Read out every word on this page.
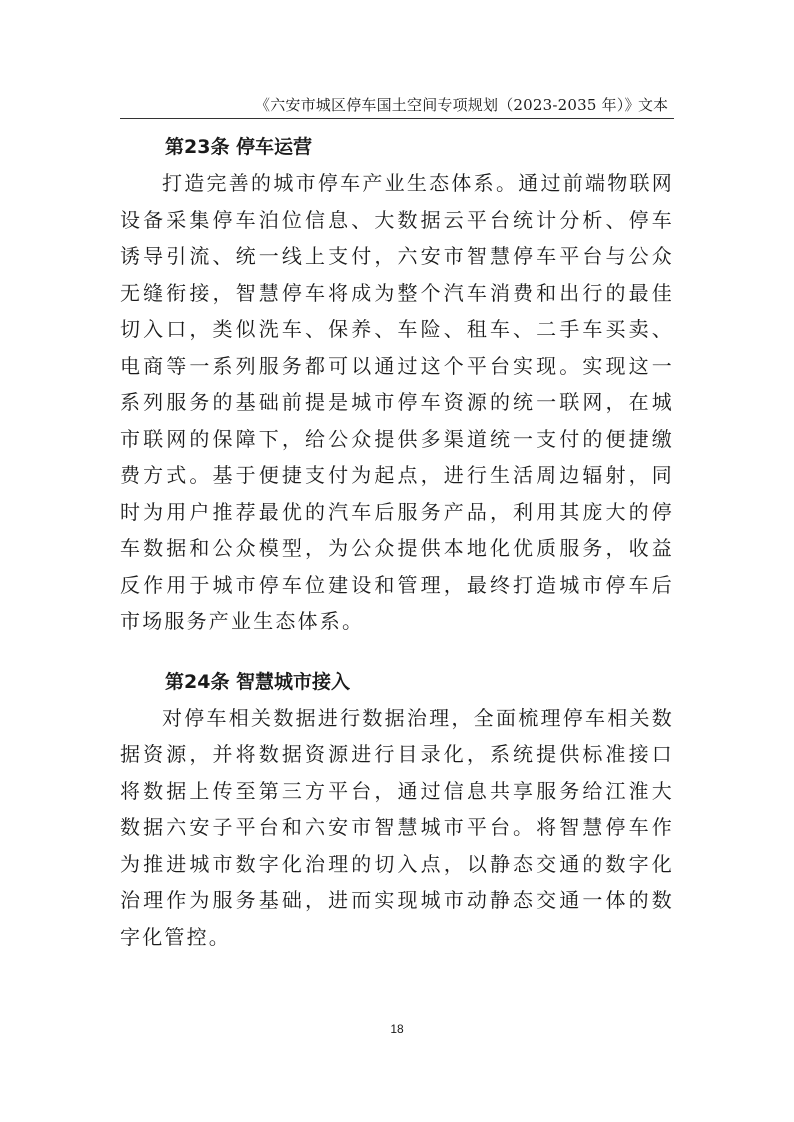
《六安市城区停车国土空间专项规划（2023-2035 年）》
文本
第23条 停车运营

打造完善的城市停车产业生态体系。通过前端物联网设备采集停车泊位信息、大数据云平台统计分析、停车诱导引流、统一线上支付，六安市智慧停车平台与公众无缝衔接，智慧停车将成为整个汽车消费和出行的最佳切入口，类似洗车、保养、车险、租车、二手车买卖、电商等一系列服务都可以通过这个平台实现。实现这一系列服务的基础前提是城市停车资源的统一联网，在城市联网的保障下，给公众提供多渠道统一支付的便捷缴费方式。基于便捷支付为起点，进行生活周边辐射，同时为用户推荐最优的汽车后服务产品，利用其庞大的停车数据和公众模型，为公众提供本地化优质服务，收益反作用于城市停车位建设和管理，最终打造城市停车后市场服务产业生态体系。

第24条 智慧城市接入

对停车相关数据进行数据治理，全面梳理停车相关数据资源，并将数据资源进行目录化，系统提供标准接口将数据上传至第三方平台，通过信息共享服务给江淮大数据六安子平台和六安市智慧城市平台。将智慧停车作为推进城市数字化治理的切入点，以静态交通的数字化治理作为服务基础，进而实现城市动静态交通一体的数字化管控。

18
